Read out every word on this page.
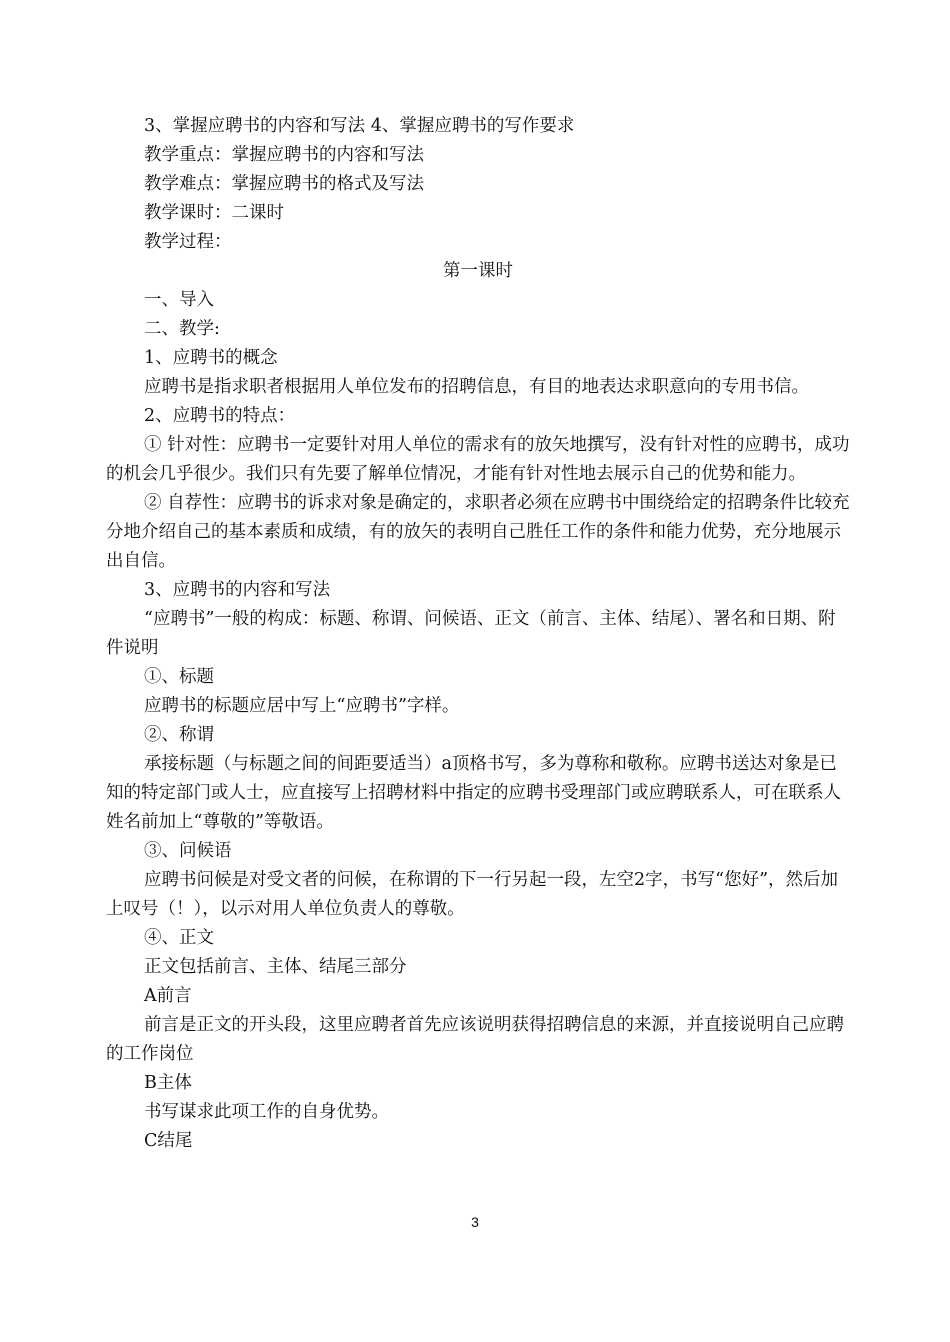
3、掌握应聘书的内容和写法 4、掌握应聘书的写作要求

教学重点：掌握应聘书的内容和写法

教学难点：掌握应聘书的格式及写法

教学课时：二课时

教学过程：

第一课时

一、导入

二、教学:

1、应聘书的概念

应聘书是指求职者根据用人单位发布的招聘信息，有目的地表达求职意向的专用书信。

2、应聘书的特点：

① 针对性：应聘书一定要针对用人单位的需求有的放矢地撰写，没有针对性的应聘书，成功的机会几乎很少。我们只有先要了解单位情况，才能有针对性地去展示自己的优势和能力。

② 自荐性：应聘书的诉求对象是确定的，求职者必须在应聘书中围绕给定的招聘条件比较充分地介绍自己的基本素质和成绩，有的放矢的表明自己胜任工作的条件和能力优势，充分地展示出自信。

3、应聘书的内容和写法

“应聘书”一般的构成：标题、称谓、问候语、正文（前言、主体、结尾）、署名和日期、附件说明

①、标题

应聘书的标题应居中写上“应聘书”字样。

②、称谓

承接标题（与标题之间的间距要适当）a顶格书写，多为尊称和敬称。应聘书送达对象是已知的特定部门或人士，应直接写上招聘材料中指定的应聘书受理部门或应聘联系人，可在联系人姓名前加上“尊敬的”等敬语。

③、问候语

应聘书问候是对受文者的问候，在称谓的下一行另起一段，左空2字，书写“您好”，然后加上叹号（！），以示对用人单位负责人的尊敬。

④、正文

正文包括前言、主体、结尾三部分

A前言

前言是正文的开头段，这里应聘者首先应该说明获得招聘信息的来源，并直接说明自己应聘的工作岗位

B主体

书写谋求此项工作的自身优势。

C结尾

3
